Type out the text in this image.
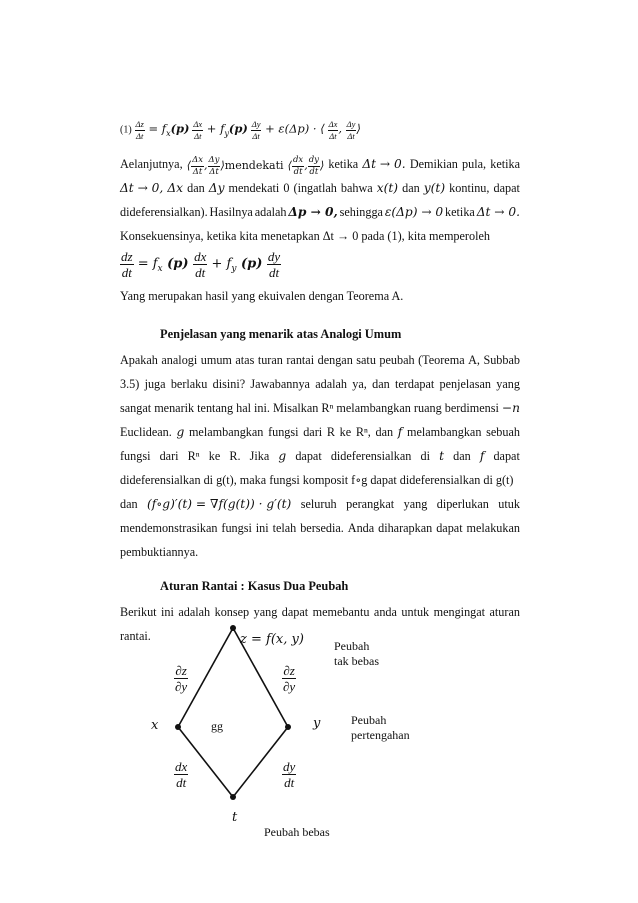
$(1) \frac{\Delta z}{\Delta t} = f_x(p) \frac{\Delta x}{\Delta t} + f_y(p) \frac{\Delta y}{\Delta t} + \varepsilon(\Delta p)$ · ⟨ $\frac{\Delta x}{\Delta t}$ , $\frac{\Delta y}{\Delta t}$ ⟩
Aelanjutnya, ⟨ $\frac{\Delta x}{\Delta t}$ , $\frac{\Delta y}{\Delta t}$ ⟩mendekati ⟨ $\frac{dx}{dt}$ , $\frac{dy}{dt}$ ⟩ ketika Δt → 0. Demikian pula, ketika
Δt → 0, Δx dan Δy mendekati 0 (ingatlah bahwa x(t) dan y(t) kontinu, dapat
dideferensialkan). Hasilnya adalah Δp → 0, sehingga ε(Δp) → 0 ketika Δt → 0.
Konsekuensinya, ketika kita menetapkan Δt → 0 pada (1), kita memperoleh
$\frac{dz}{dt} = f_x$ $(p) \frac{dx}{dt} + f_y$ $(p) \frac{dy}{dt}$
Yang merupakan hasil yang ekuivalen dengan Teorema A.
Penjelasan yang menarik atas Analogi Umum
Apakah analogi umum atas turan rantai dengan satu peubah (Teorema A, Subbab
3.5) juga berlaku disini? Jawabannya adalah ya, dan terdapat penjelasan yang
sangat menarik tentang hal ini. Misalkan Rⁿ melambangkan ruang berdimensi −n
Euclidean. g melambangkan fungsi dari R ke Rⁿ, dan f melambangkan sebuah
fungsi dari Rⁿ ke R. Jika g dapat dideferensialkan di t dan f dapat
dideferensialkan di g(t), maka fungsi komposit f∘g dapat dideferensialkan di g(t)
dan (f∘g)′(t) = ∇f(g(t)) · g′(t) seluruh perangkat yang diperlukan utuk
mendemonstrasikan fungsi ini telah bersedia. Anda diharapkan dapat melakukan
pembuktiannya.
Aturan Rantai : Kasus Dua Peubah
Berikut ini adalah konsep yang dapat memebantu anda untuk mengingat aturan
rantai.	z = f(x, y)
x	y
t
gg
$\frac{\partial z}{\partial y}$	$\frac{\partial z}{\partial y}$
$\frac{dx}{dt}$	$\frac{dy}{dt}$
Peubah
tak bebas
Peubah
pertengahan
Peubah bebas
